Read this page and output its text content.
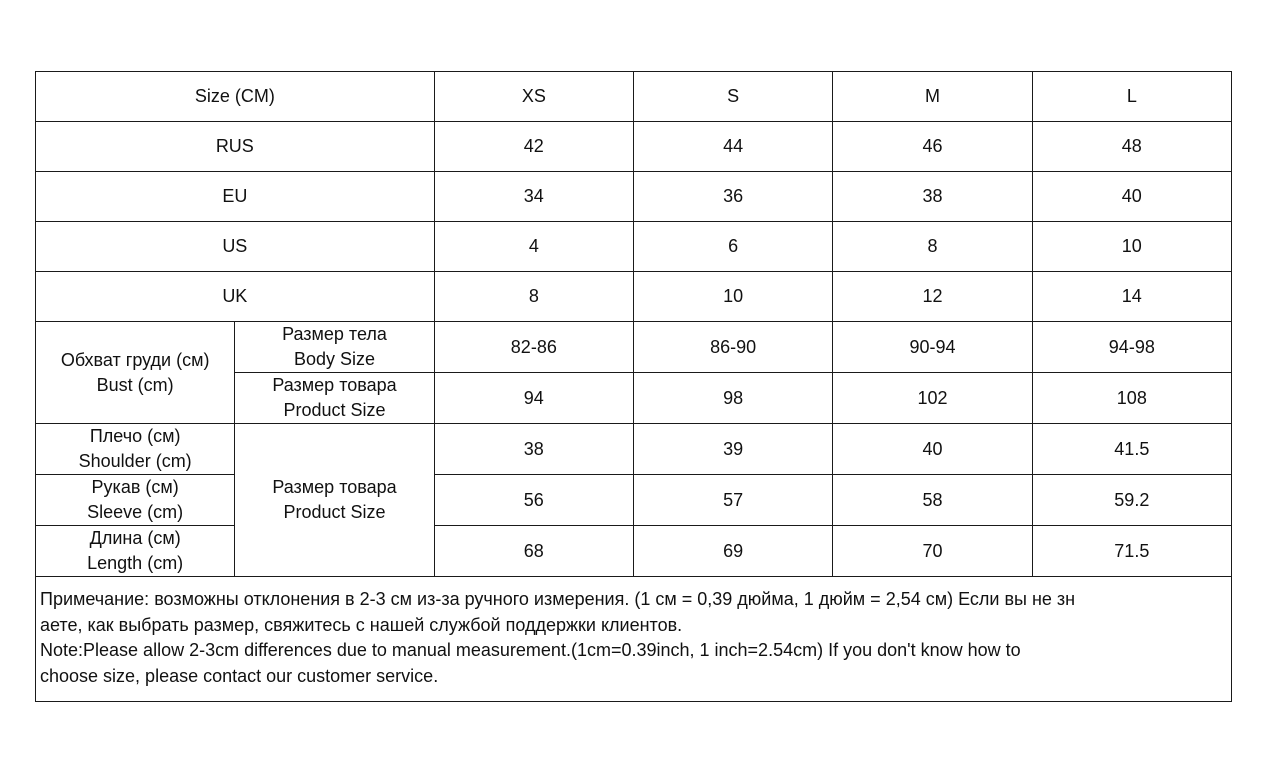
Size (CM)		XS	S	M	L
RUS		42	44	46	48
EU		34	36	38	40
US		4	6	8	10
UK		8	10	12	14

Обхват груди (см)
Bust (cm)	Размер тела
Body Size	82-86	86-90	90-94	94-98

	Размер товара
Product Size	94	98	102	108

Плечо (см)
Shoulder (cm)	Размер товара
Product Size	38	39	40	41.5

Рукав (см)
Sleeve (cm)		56	57	58	59.2

Длина (см)
Length (cm)		68	69	70	71.5
Примечание: возможны отклонения в 2-3 см из-за ручного измерения. (1 см = 0,39 дюйма, 1 дюйм = 2,54 см) Если вы не зн
аете, как выбрать размер, свяжитесь с нашей службой поддержки клиентов.
Note:Please allow 2-3cm differences due to manual measurement.(1cm=0.39inch, 1 inch=2.54cm) If you don't know how to
choose size, please contact our customer service.
